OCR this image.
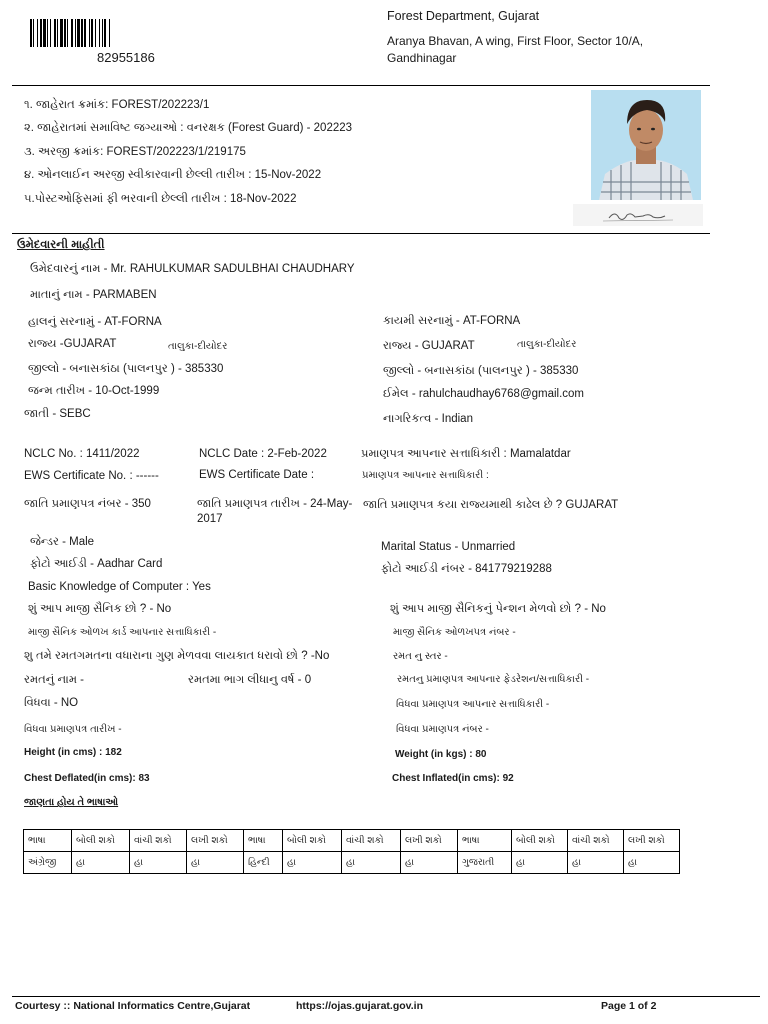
82955186
Forest Department, Gujarat
Aranya Bhavan, A wing, First Floor, Sector 10/A,
Gandhinagar
૧. જાહેરાત ક્રમાંક: FOREST/202223/1
૨. જાહેરાતમાં સમાવિષ્ટ જગ્યાઓ : વનરક્ષક (Forest Guard) - 202223
૩. અરજી ક્રમાંક: FOREST/202223/1/219175
૪. ઓનલાઈન અરજી સ્વીકારવાની છેલ્લી તારીખ : 15-Nov-2022
૫.પોસ્ટઓફિસમાં ફી ભરવાની છેલ્લી તારીખ : 18-Nov-2022
ઉમેદવારની માહીતી
ઉમેદવારનું નામ - Mr. RAHULKUMAR SADULBHAI CHAUDHARY
માતાનું નામ - PARMABEN
હાલનું સરનામું - AT-FORNA	કાયમી સરનામું - AT-FORNA
રાજ્ય -GUJARAT	તાલુકા-દીયોદર	રાજ્ય - GUJARAT	તાલુકા-દીયોદર
જીલ્લો - બનાસકાંઠા (પાલનપુર ) - 385330	જીલ્લો - બનાસકાંઠા (પાલનપુર ) - 385330
જન્મ તારીખ - 10-Oct-1999	ઈમેલ - rahulchaudhay6768@gmail.com
જાતી - SEBC	નાગરિકત્વ - Indian
NCLC No. : 1411/2022	NCLC Date : 2-Feb-2022	પ્રમાણપત્ર આપનાર સત્તાધિકારી : Mamalatdar
EWS Certificate No. : ------	EWS Certificate Date :	પ્રમાણપત્ર આપનાર સત્તાધિકારી :
જાતિ પ્રમાણપત્ર નંબર - 350	જાતિ પ્રમાણપત્ર તારીખ - 24-May-
2017
જાતિ પ્રમાણપત્ર કયા રાજ્યમાથી કાઢેલ છે ? GUJARAT
જેન્ડર - Male	Marital Status - Unmarried
ફોટો આઈડી - Aadhar Card	ફોટો આઈડી નંબર - 841779219288
Basic Knowledge of Computer : Yes
શું આપ માજી સૈનિક છો ? - No	શું આપ માજી સૈનિકનું પેન્શન મેળવો છો ? - No
માજી સૈનિક ઓળખ કાર્ડ આપનાર સત્તાધિકારી -	માજી સૈનિક ઓળખપત્ર નંબર -
શુ તમે રમતગમતના વધારાના ગુણ મેળવવા લાયકાત ધરાવો છો ? -No	રમત નુ સ્તર -
રમતનું નામ -	રમતમા ભાગ લીધાનુ વર્ષ - 0	રમતનુ પ્રમાણપત્ર આપનાર ફેડરેશન/સત્તાધિકારી -
વિધવા - NO	વિધવા પ્રમાણપત્ર આપનાર સત્તાધિકારી -
વિધવા પ્રમાણપત્ર તારીખ -	વિધવા પ્રમાણપત્ર નંબર -
Height (in cms) : 182	Weight (in kgs) : 80
Chest Deflated(in cms): 83	Chest Inflated(in cms): 92
જાણતા હોય તે ભાષાઓ
ભાષા	બોલી શકો	વાંચી શકો	લખી શકો	ભાષા	બોલી શકો	વાંચી શકો	લખી શકો	ભાષા	બોલી શકો	વાંચી શકો	લખી શકો
અંગ્રેજી	હા	હા	હા	હિન્દી	હા	હા	હા	ગુજરાતી	હા	હા	હા
Courtesy :: National Informatics Centre,Gujarat	https://ojas.gujarat.gov.in	Page 1 of 2
